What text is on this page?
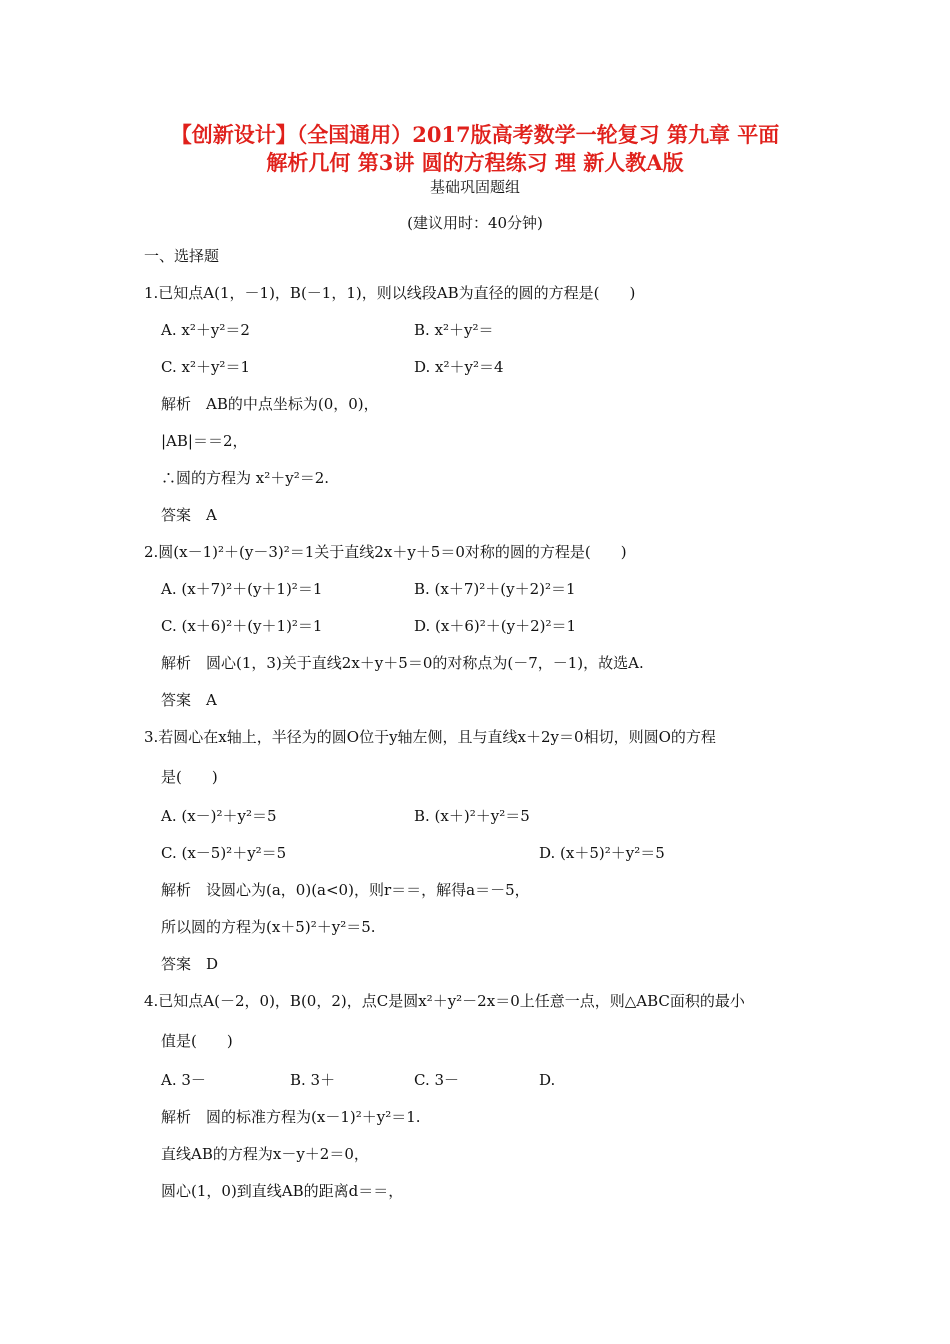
【创新设计】（全国通用）2017版高考数学一轮复习 第九章 平面
解析几何 第3讲 圆的方程练习 理 新人教A版
基础巩固题组
(建议用时：40分钟)
一、选择题
1.已知点A(1，－1)，B(－1，1)，则以线段AB为直径的圆的方程是(　　)
A. x²＋y²＝2	B. x²＋y²＝
C. x²＋y²＝1	D. x²＋y²＝4
解析　AB的中点坐标为(0，0)，
|AB|＝＝2，
∴圆的方程为 x²＋y²＝2.
答案　A
2.圆(x－1)²＋(y－3)²＝1关于直线2x＋y＋5＝0对称的圆的方程是(　　)
A. (x＋7)²＋(y＋1)²＝1	B. (x＋7)²＋(y＋2)²＝1
C. (x＋6)²＋(y＋1)²＝1	D. (x＋6)²＋(y＋2)²＝1
解析　圆心(1，3)关于直线2x＋y＋5＝0的对称点为(－7，－1)，故选A.
答案　A
3.若圆心在x轴上，半径为的圆O位于y轴左侧，且与直线x＋2y＝0相切，则圆O的方程
是(　　)
A. (x－)²＋y²＝5	B. (x＋)²＋y²＝5
C. (x－5)²＋y²＝5	D. (x＋5)²＋y²＝5
解析　设圆心为(a，0)(a<0)，则r＝＝，解得a＝－5，
所以圆的方程为(x＋5)²＋y²＝5.
答案　D
4.已知点A(－2，0)，B(0，2)，点C是圆x²＋y²－2x＝0上任意一点，则△ABC面积的最小
值是(　　)
A. 3－	B. 3＋	C. 3－	D.
解析　圆的标准方程为(x－1)²＋y²＝1.
直线AB的方程为x－y＋2＝0，
圆心(1，0)到直线AB的距离d＝＝，
